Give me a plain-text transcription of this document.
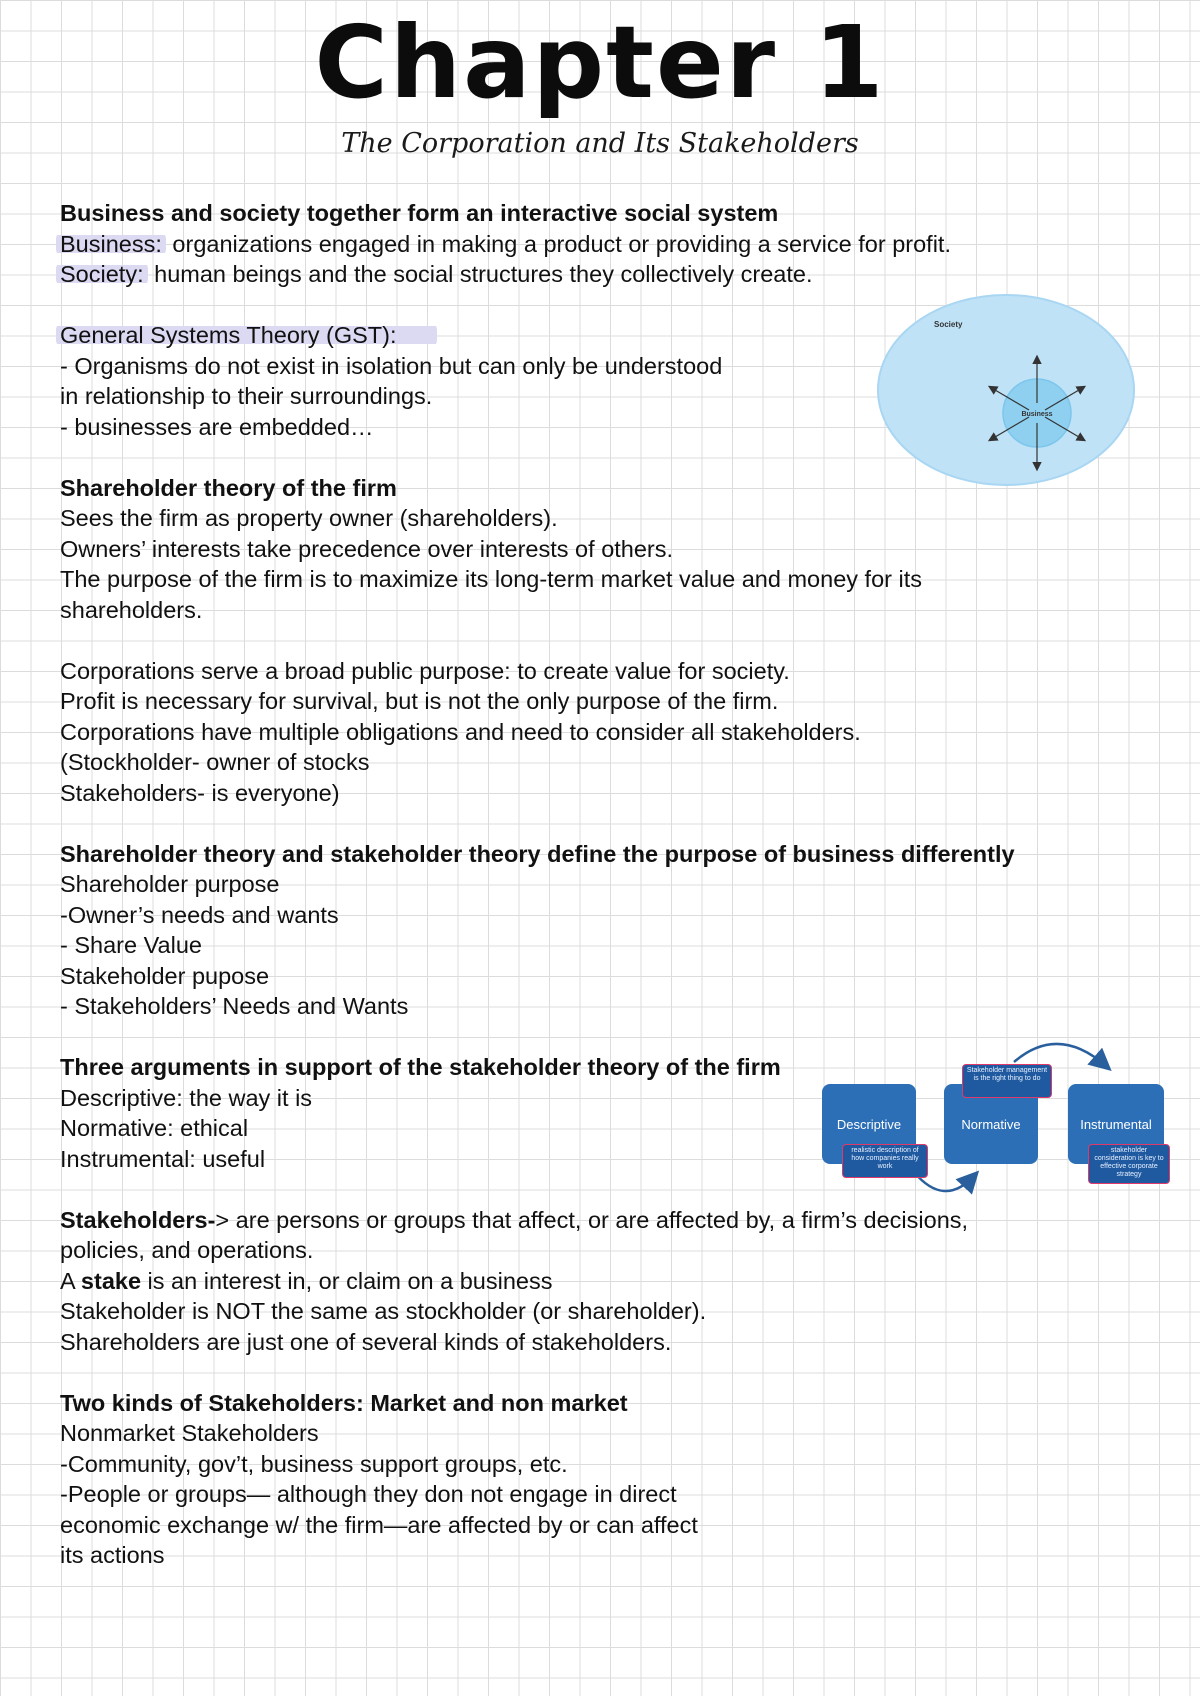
Chapter 1
The Corporation and Its Stakeholders
Business and society together form an interactive social system
Business: organizations engaged in making a product or providing a service for profit.
Society: human beings and the social structures they collectively create.
General Systems Theory (GST):
- Organisms do not exist in isolation but can only be understood
in relationship to their surroundings.
- businesses are embedded…
Shareholder theory of the firm
Sees the firm as property owner (shareholders).
Owners’ interests take precedence over interests of others.
The purpose of the firm is to maximize its long-term market value and money for its
shareholders.
Corporations serve a broad public purpose: to create value for society.
Profit is necessary for survival, but is not the only purpose of the firm.
Corporations have multiple obligations and need to consider all stakeholders.
(Stockholder- owner of stocks
Stakeholders- is everyone)
Shareholder theory and stakeholder theory define the purpose of business differently
Shareholder purpose
-Owner’s needs and wants
- Share Value
Stakeholder pupose
- Stakeholders’ Needs and Wants
Three arguments in support of the stakeholder theory of the firm
Descriptive: the way it is
Normative: ethical
Instrumental: useful
Stakeholders-> are persons or groups that affect, or are affected by, a firm’s decisions,
policies, and operations.
A stake is an interest in, or claim on a business
Stakeholder is NOT the same as stockholder (or shareholder).
Shareholders are just one of several kinds of stakeholders.
Two kinds of Stakeholders: Market and non market
Nonmarket Stakeholders
-Community, gov’t, business support groups, etc.
-People or groups— although they don not engage in direct
economic exchange w/ the firm—are affected by or can affect
its actions
Society
Business
Descriptive	Normative	Instrumental
realistic description of how companies really work
Stakeholder management is the right thing to do
stakeholder consideration is key to effective corporate strategy
